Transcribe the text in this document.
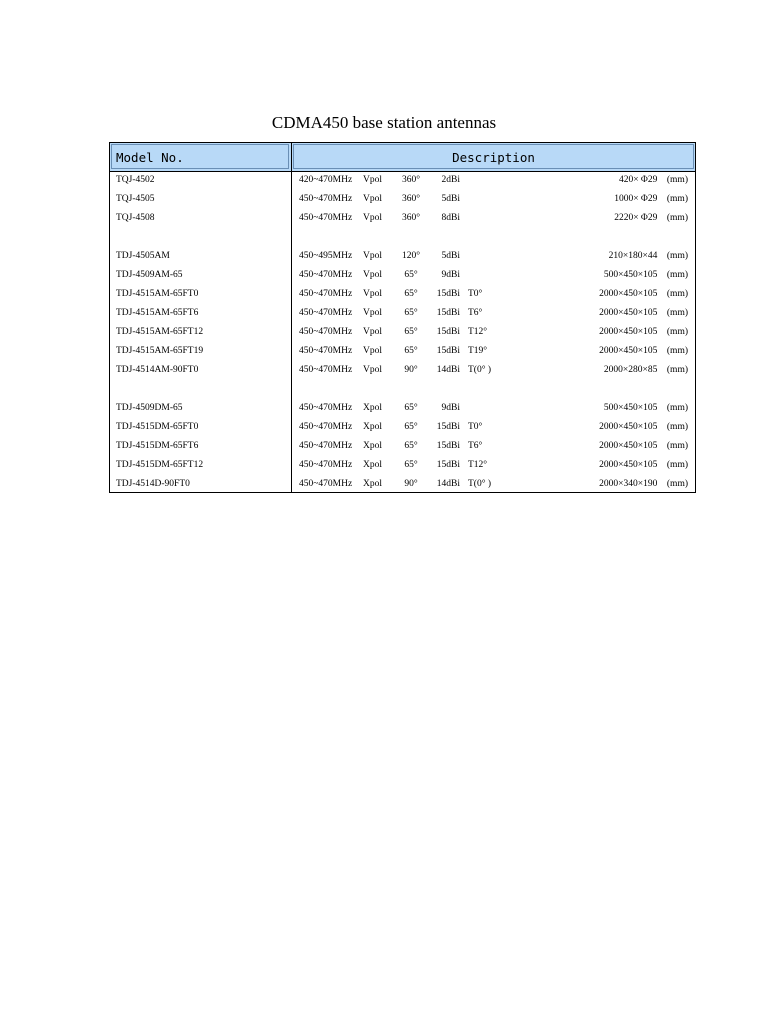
CDMA450 base station antennas
Model No.	Description
TQJ-4502	420~470MHz Vpol	360°	2dBi	420× Φ29　(mm)
TQJ-4505	450~470MHz Vpol	360°	5dBi	1000× Φ29　(mm)
TQJ-4508	450~470MHz Vpol	360°	8dBi	2220× Φ29　(mm)
TDJ-4505AM	450~495MHz Vpol	120°	5dBi	210×180×44　(mm)
TDJ-4509AM-65	450~470MHz Vpol	65°	9dBi	500×450×105　(mm)
TDJ-4515AM-65FT0	450~470MHz Vpol	65°	15dBi T0°	2000×450×105　(mm)
TDJ-4515AM-65FT6	450~470MHz Vpol	65°	15dBi T6°	2000×450×105　(mm)
TDJ-4515AM-65FT12	450~470MHz Vpol	65°	15dBi T12°	2000×450×105　(mm)
TDJ-4515AM-65FT19	450~470MHz Vpol	65°	15dBi T19°	2000×450×105　(mm)
TDJ-4514AM-90FT0	450~470MHz Vpol	90°	14dBi T(0° )	2000×280×85　(mm)
TDJ-4509DM-65	450~470MHz Xpol	65°	9dBi	500×450×105　(mm)
TDJ-4515DM-65FT0	450~470MHz Xpol	65°	15dBi T0°	2000×450×105　(mm)
TDJ-4515DM-65FT6	450~470MHz Xpol	65°	15dBi T6°	2000×450×105　(mm)
TDJ-4515DM-65FT12	450~470MHz Xpol	65°	15dBi T12°	2000×450×105　(mm)
TDJ-4514D-90FT0	450~470MHz Xpol	90°	14dBi T(0° )	2000×340×190　(mm)
